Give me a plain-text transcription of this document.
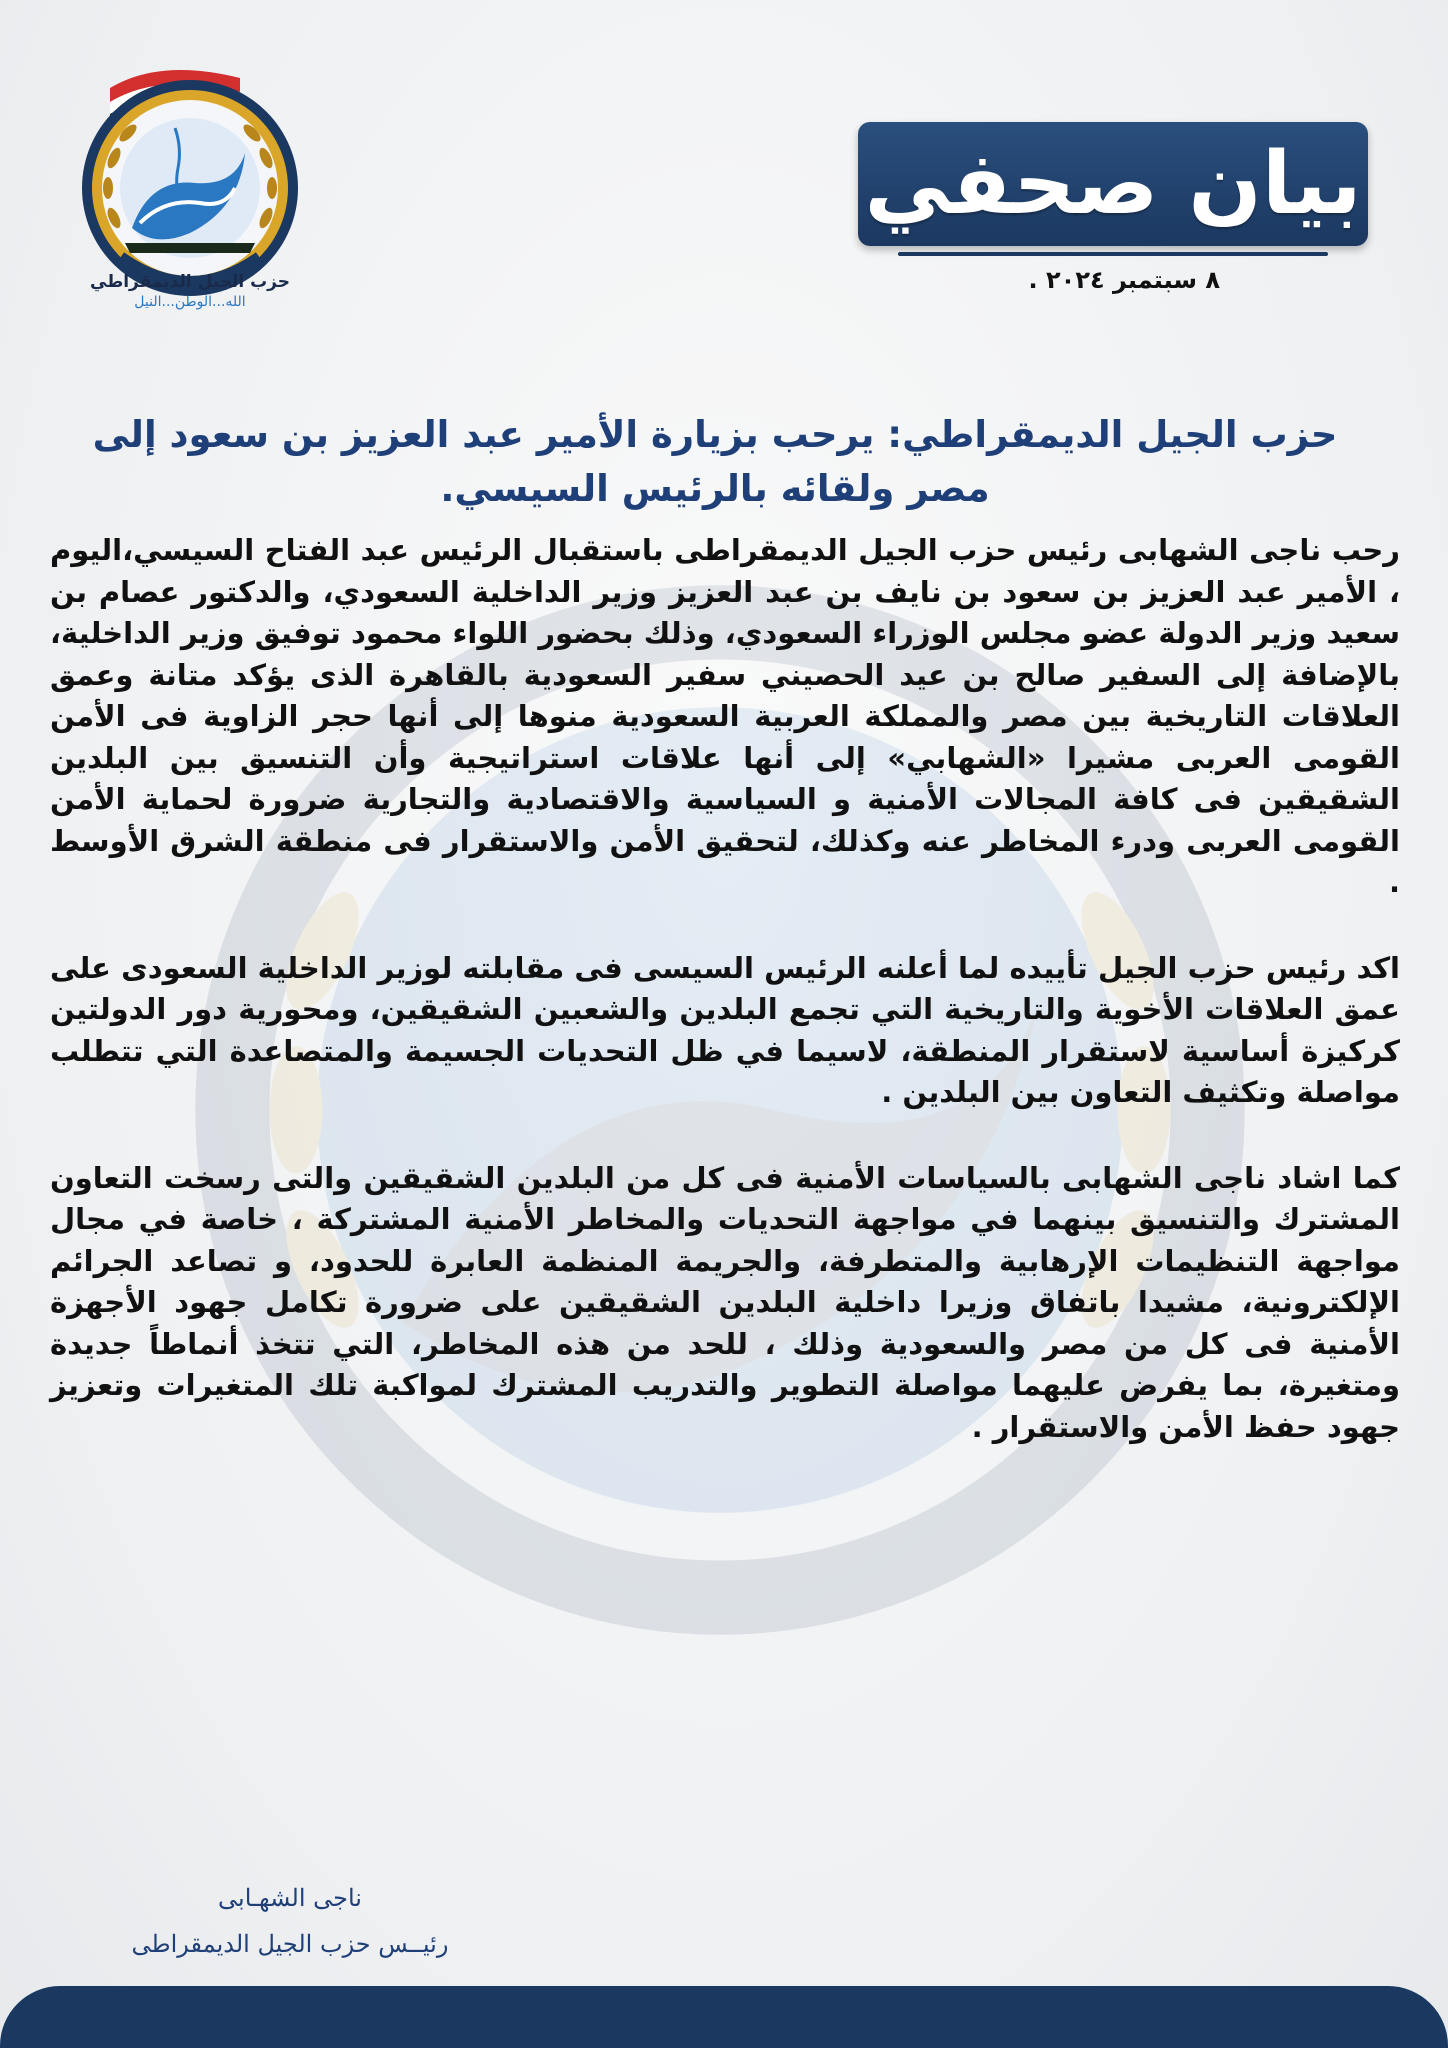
حزب الجيل الديمقراطي
الله...الوطن...النيل
بيان صحفي
٨ سبتمبر ٢٠٢٤ .
حزب الجيل الديمقراطي: يرحب بزيارة الأمير عبد العزيز بن سعود إلى مصر ولقائه بالرئيس السيسي.

رحب ناجى الشهابى رئيس حزب الجيل الديمقراطى باستقبال الرئيس عبد الفتاح السيسي،اليوم ، الأمير عبد العزيز بن سعود بن نايف بن عبد العزيز وزير الداخلية السعودي، والدكتور عصام بن سعيد وزير الدولة عضو مجلس الوزراء السعودي، وذلك بحضور اللواء محمود توفيق وزير الداخلية، بالإضافة إلى السفير صالح بن عيد الحصيني سفير السعودية بالقاهرة الذى يؤكد متانة وعمق العلاقات التاريخية بين مصر والمملكة العربية السعودية منوها إلى أنها حجر الزاوية فى الأمن القومى العربى مشيرا «الشهابي» إلى أنها علاقات استراتيجية وأن التنسيق بين البلدين الشقيقين فى كافة المجالات الأمنية و السياسية والاقتصادية والتجارية ضرورة لحماية الأمن القومى العربى ودرء المخاطر عنه وكذلك، لتحقيق الأمن والاستقرار فى منطقة الشرق الأوسط .

اكد رئيس حزب الجيل تأييده لما أعلنه الرئيس السيسى فى مقابلته لوزير الداخلية السعودى على عمق العلاقات الأخوية والتاريخية التي تجمع البلدين والشعبين الشقيقين، ومحورية دور الدولتين كركيزة أساسية لاستقرار المنطقة، لاسيما في ظل التحديات الجسيمة والمتصاعدة التي تتطلب مواصلة وتكثيف التعاون بين البلدين .

كما اشاد ناجى الشهابى بالسياسات الأمنية فى كل من البلدين الشقيقين والتى رسخت التعاون المشترك والتنسيق بينهما في مواجهة التحديات والمخاطر الأمنية المشتركة ، خاصة في مجال مواجهة التنظيمات الإرهابية والمتطرفة، والجريمة المنظمة العابرة للحدود، و تصاعد الجرائم الإلكترونية، مشيدا باتفاق وزيرا داخلية البلدين الشقيقين على ضرورة تكامل جهود الأجهزة الأمنية فى كل من مصر والسعودية وذلك ، للحد من هذه المخاطر، التي تتخذ أنماطاً جديدة ومتغيرة، بما يفرض عليهما مواصلة التطوير والتدريب المشترك لمواكبة تلك المتغيرات وتعزيز جهود حفظ الأمن والاستقرار .

ناجى الشهـابى
رئيــس حزب الجيل الديمقراطى
